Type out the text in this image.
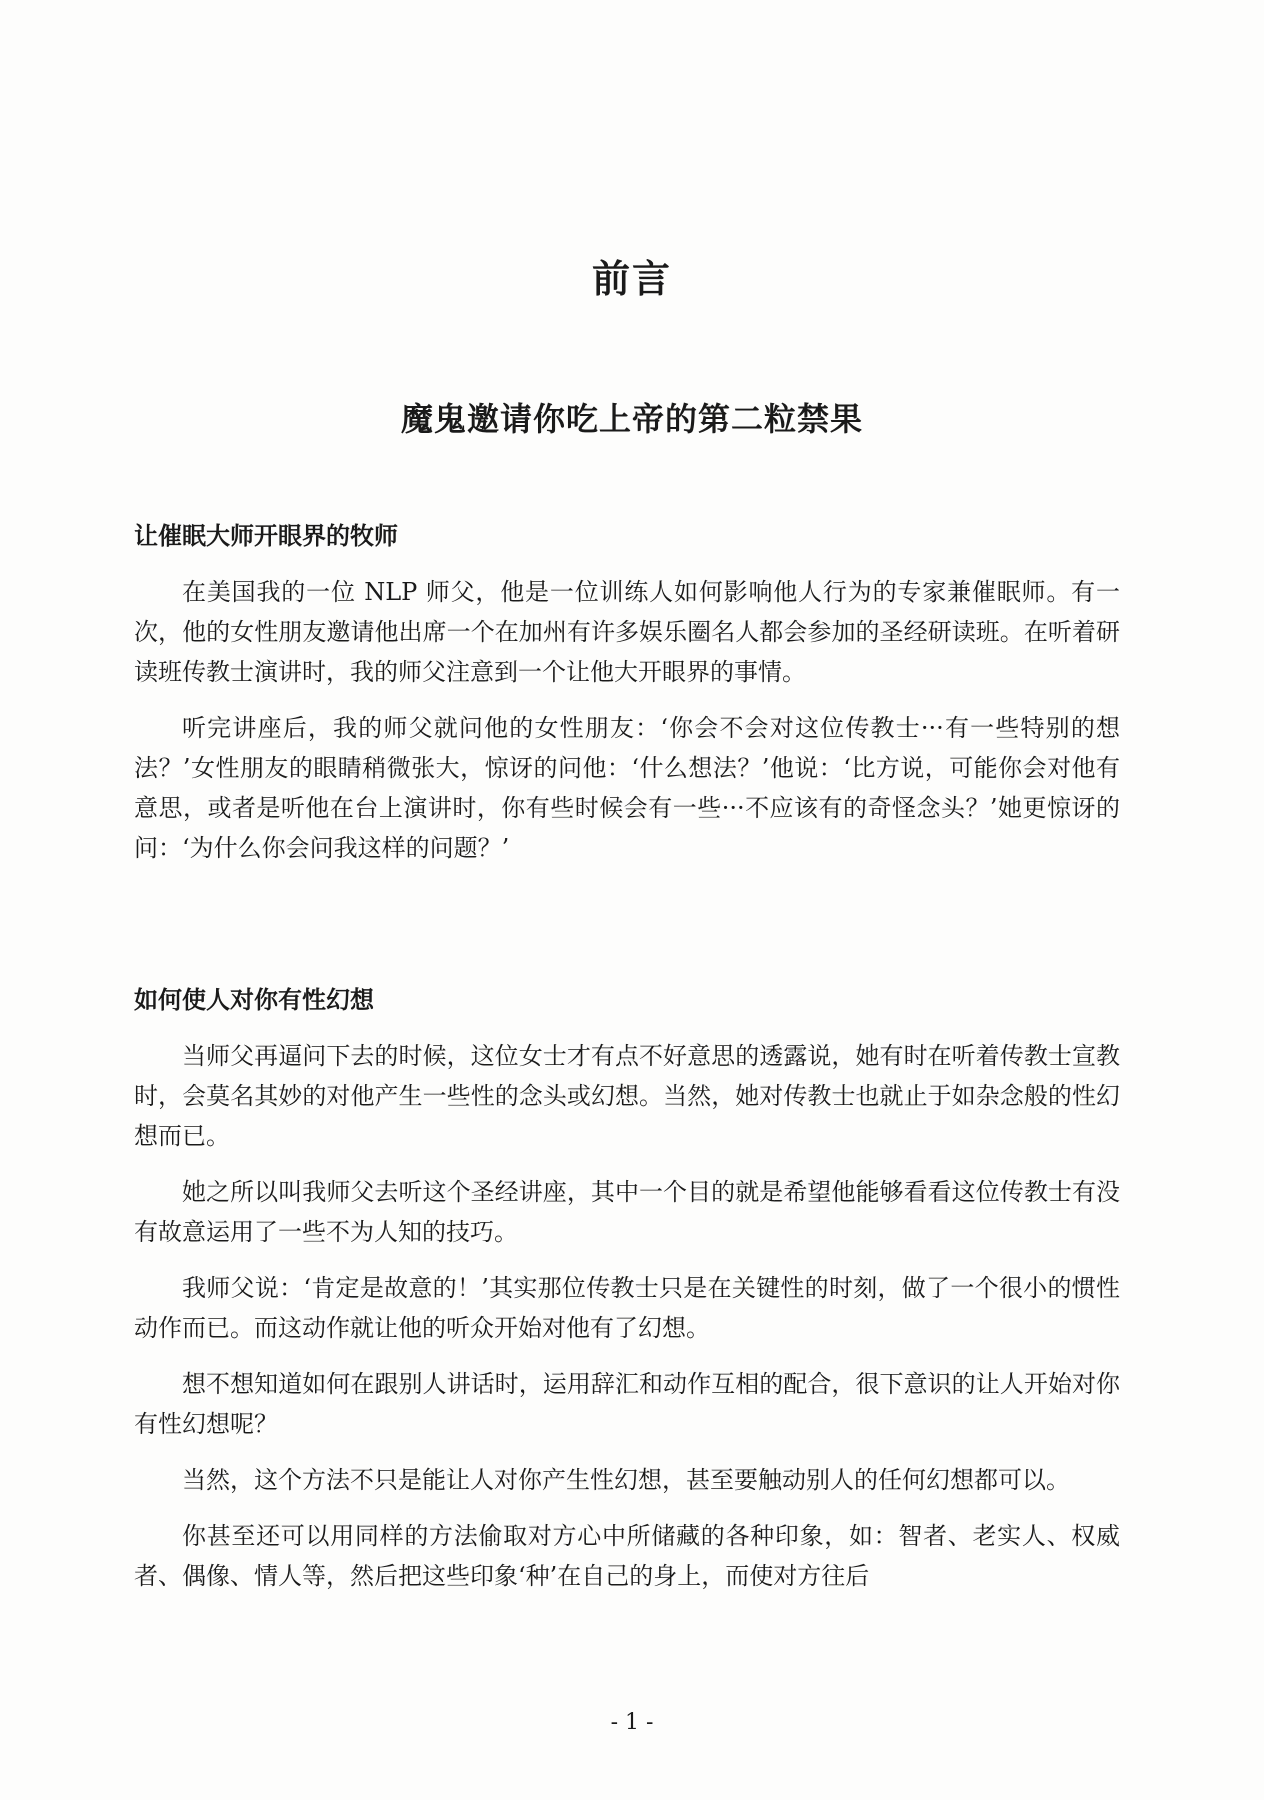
前言
魔鬼邀请你吃上帝的第二粒禁果
让催眠大师开眼界的牧师

在美国我的一位 NLP 师父，他是一位训练人如何影响他人行为的专家兼催眠师。有一次，他的女性朋友邀请他出席一个在加州有许多娱乐圈名人都会参加的圣经研读班。在听着研读班传教士演讲时，我的师父注意到一个让他大开眼界的事情。

听完讲座后，我的师父就问他的女性朋友：‘你会不会对这位传教士···有一些特别的想法？’女性朋友的眼睛稍微张大，惊讶的问他：‘什么想法？’他说：‘比方说，可能你会对他有意思，或者是听他在台上演讲时，你有些时候会有一些···不应该有的奇怪念头？’她更惊讶的问：‘为什么你会问我这样的问题？’

如何使人对你有性幻想

当师父再逼问下去的时候，这位女士才有点不好意思的透露说，她有时在听着传教士宣教时，会莫名其妙的对他产生一些性的念头或幻想。当然，她对传教士也就止于如杂念般的性幻想而已。

她之所以叫我师父去听这个圣经讲座，其中一个目的就是希望他能够看看这位传教士有没有故意运用了一些不为人知的技巧。

我师父说：‘肯定是故意的！’其实那位传教士只是在关键性的时刻，做了一个很小的惯性动作而已。而这动作就让他的听众开始对他有了幻想。

想不想知道如何在跟别人讲话时，运用辞汇和动作互相的配合，很下意识的让人开始对你有性幻想呢？

当然，这个方法不只是能让人对你产生性幻想，甚至要触动别人的任何幻想都可以。

你甚至还可以用同样的方法偷取对方心中所储藏的各种印象，如：智者、老实人、权威者、偶像、情人等，然后把这些印象‘种’在自己的身上，而使对方往后

- 1 -
